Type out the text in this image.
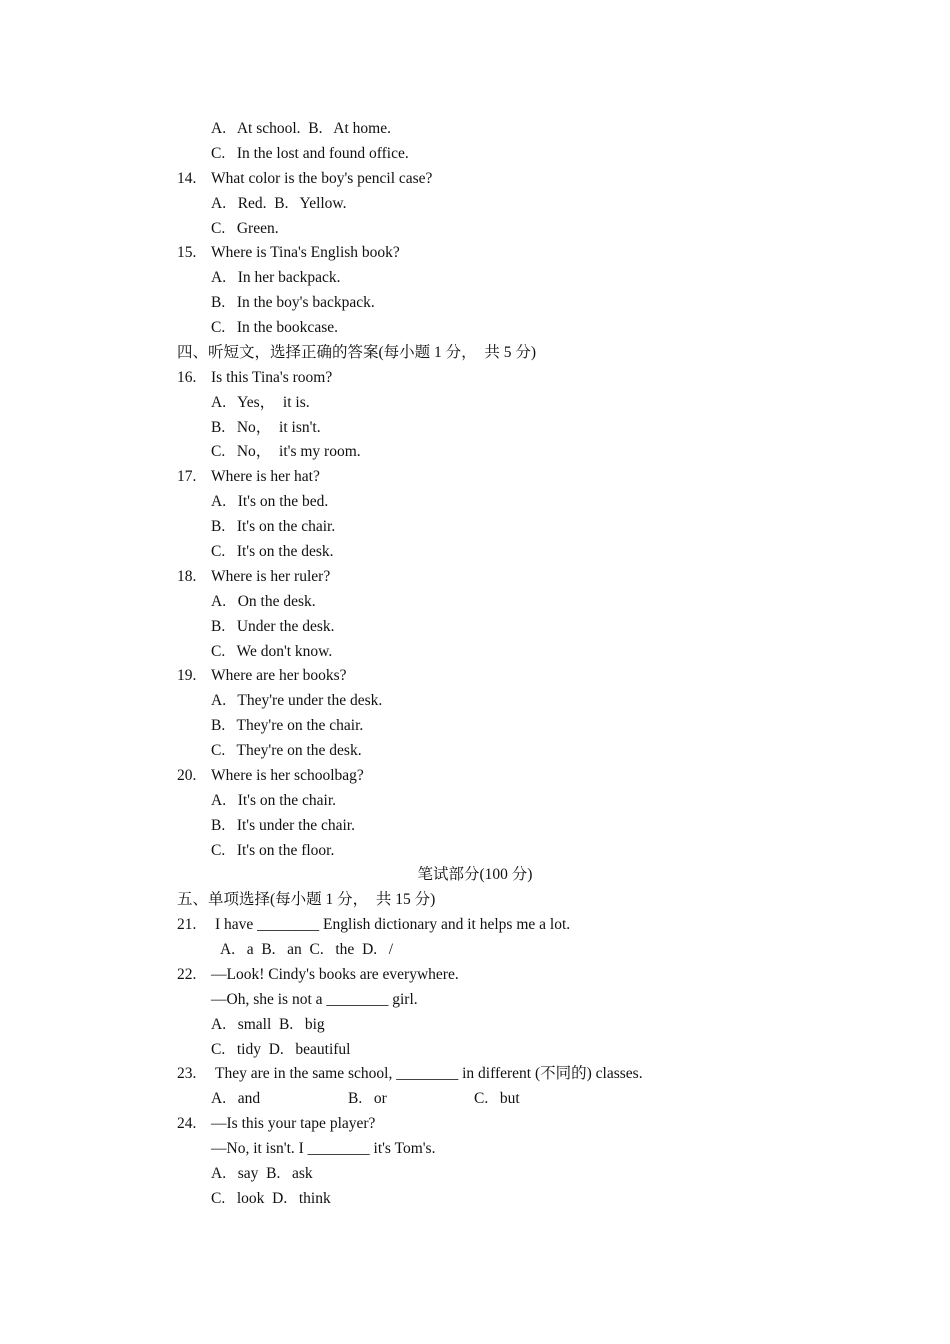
A.   At school.  B.   At home.
C.   In the lost and found office.
14. What color is the boy's pencil case?
A.   Red.  B.   Yellow.
C.   Green.
15. Where is Tina's English book?
A.   In her backpack.
B.   In the boy's backpack.
C.   In the bookcase.
四、听短文，选择正确的答案(每小题 1 分，  共 5 分)
16. Is this Tina's room?
A.   Yes，  it is.
B.   No，  it isn't.
C.   No，  it's my room.
17. Where is her hat?
A.   It's on the bed.
B.   It's on the chair.
C.   It's on the desk.
18. Where is her ruler?
A.   On the desk.
B.   Under the desk.
C.   We don't know.
19. Where are her books?
A.   They're under the desk.
B.   They're on the chair.
C.   They're on the desk.
20. Where is her schoolbag?
A.   It's on the chair.
B.   It's under the chair.
C.   It's on the floor.
笔试部分(100 分)
五、单项选择(每小题 1 分，  共 15 分)
21. I have ________ English dictionary and it helps me a lot.
A.   a  B.   an  C.   the  D.   /
22. —Look! Cindy's books are everywhere.
—Oh, she is not a ________ girl.
A.   small  B.   big
C.   tidy  D.   beautiful
23. They are in the same school, ________ in different (不同的) classes.
A.   and	B.   or	C.   but
24. —Is this your tape player?
—No, it isn't. I ________ it's Tom's.
A.   say  B.   ask
C.   look  D.   think
